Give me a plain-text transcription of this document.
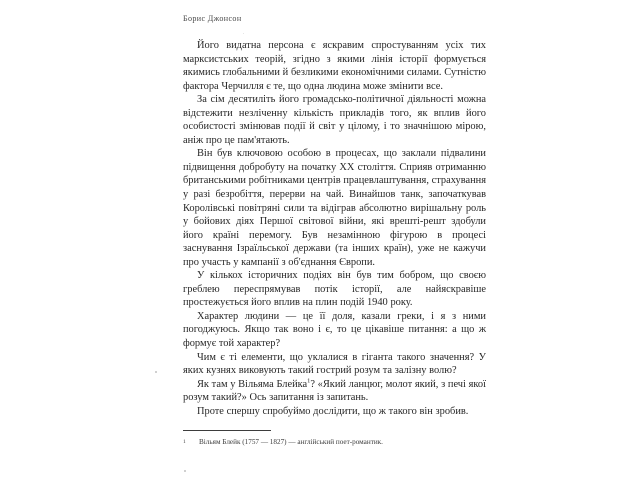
Борис Джонсон

Його видатна персона є яскравим спростуванням усіх тих марксистських теорій, згідно з якими лінія історії формується якимись глобальними й безликими економічними силами. Сутністю фактора Черчилля є те, що одна людина може змінити все.

За сім десятиліть його громадсько-політичної діяльності можна відстежити незліченну кількість прикладів того, як вплив його особистості змінював події й світ у цілому, і то значнішою мірою, аніж про це пам'ятають.

Він був ключовою особою в процесах, що заклали підвалини підвищення добробуту на початку XX століття. Сприяв отриманню британськими робітниками центрів працевлаштування, страхування у разі безробіття, перерви на чай. Винайшов танк, започаткував Королівські повітряні сили та відіграв абсолютно вирішальну роль у бойових діях Першої світової війни, які врешті-решт здобули його країні перемогу. Був незамінною фігурою в процесі заснування Ізраїльської держави (та інших країн), уже не кажучи про участь у кампанії з об'єднання Європи.

У кількох історичних подіях він був тим бобром, що своєю греблею переспрямував потік історії, але найяскравіше простежується його вплив на плин подій 1940 року.

Характер людини — це її доля, казали греки, і я з ними погоджуюсь. Якщо так воно і є, то це цікавіше питання: а що ж формує той характер?

Чим є ті елементи, що уклалися в гіганта такого значення? У яких кузнях виковують такий гострий розум та залізну волю?

Як там у Вільяма Блейка$^1$? «Який ланцюг, молот який, з печі якої розум такий?» Ось запитання із запитань.

Проте спершу спробуймо дослідити, що ж такого він зробив.

1 Вільям Блейк (1757 — 1827) — англійський поет-романтик.
